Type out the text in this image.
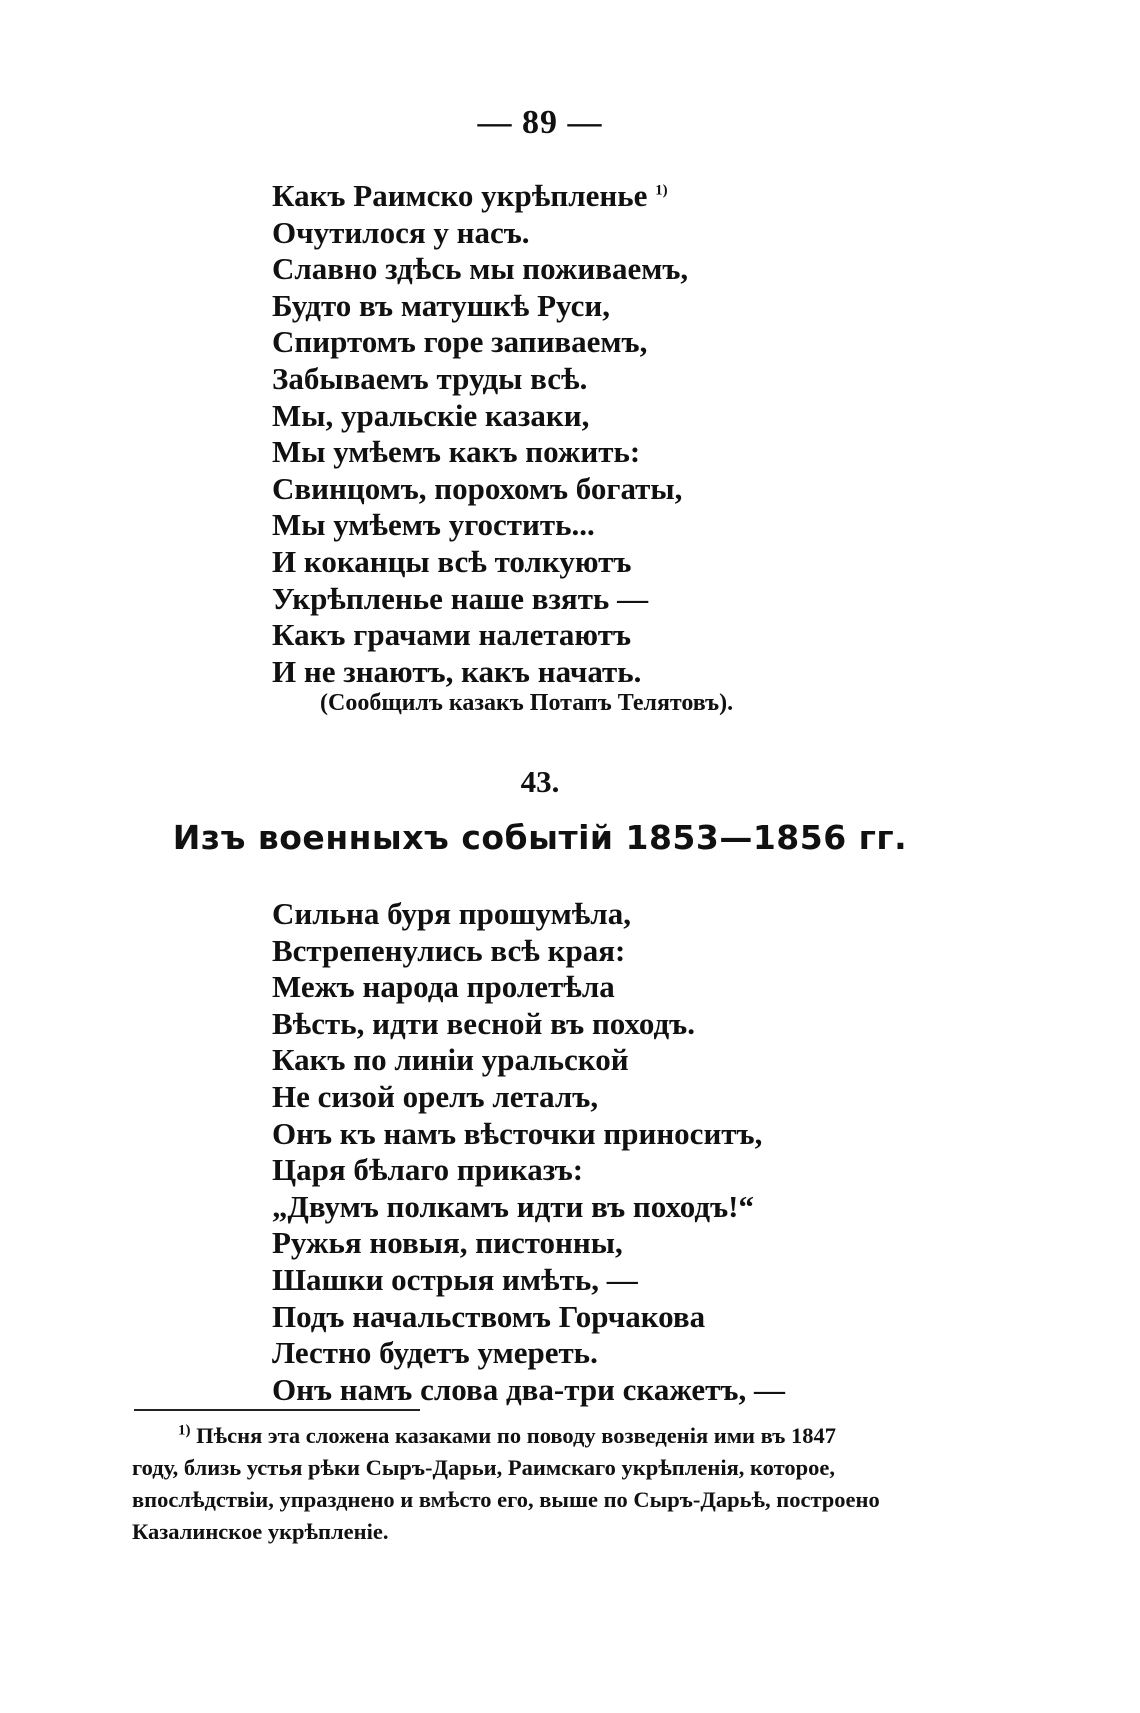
— 89 —
Какъ Раимско укрѣпленье $^{1)}$
Очутилося у насъ.
Славно здѣсь мы поживаемъ,
Будто въ матушкѣ Руси,
Спиртомъ горе запиваемъ,
Забываемъ труды всѣ.
Мы, уральскіе казаки,
Мы умѣемъ какъ пожить:
Свинцомъ, порохомъ богаты,
Мы умѣемъ угостить...
И коканцы всѣ толкуютъ
Укрѣпленье наше взять —
Какъ грачами налетаютъ
И не знаютъ, какъ начать.
(Сообщилъ казакъ Потапъ Телятовъ).
43.
Изъ военныхъ событій 1853—1856 гг.
Сильна буря прошумѣла,
Встрепенулись всѣ края:
Межъ народа пролетѣла
Вѣсть, идти весной въ походъ.
Какъ по линіи уральской
Не сизой орелъ леталъ,
Онъ къ намъ вѣсточки приноситъ,
Царя бѣлаго приказъ:
„Двумъ полкамъ идти въ походъ!“
Ружья новыя, пистонны,
Шашки острыя имѣть, —
Подъ начальствомъ Горчакова
Лестно будетъ умереть.
Онъ намъ слова два-три скажетъ, —

$^{1)}$ Пѣсня эта сложена казаками по поводу возведенія ими въ 1847

году, близь устья рѣки Сыръ-Дарьи, Раимскаго укрѣпленія, которое,

впослѣдствіи, упразднено и вмѣсто его, выше по Сыръ-Дарьѣ, построено

Казалинское укрѣпленіе.
